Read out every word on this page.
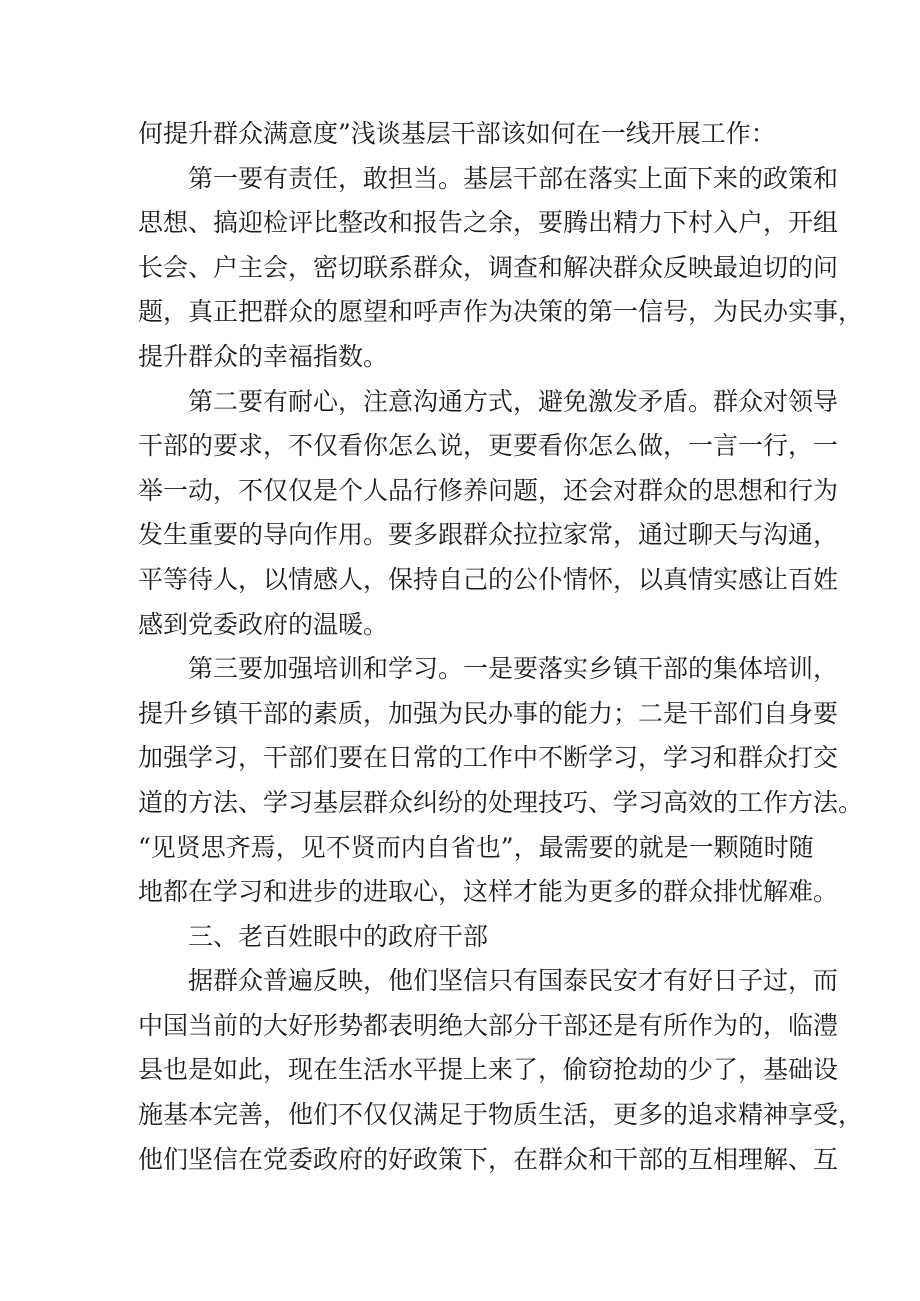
何提升群众满意度”浅谈基层干部该如何在一线开展工作：
第一要有责任，敢担当。基层干部在落实上面下来的政策和
思想、搞迎检评比整改和报告之余，要腾出精力下村入户，开组
长会、户主会，密切联系群众，调查和解决群众反映最迫切的问
题，真正把群众的愿望和呼声作为决策的第一信号，为民办实事，
提升群众的幸福指数。
第二要有耐心，注意沟通方式，避免激发矛盾。群众对领导
干部的要求，不仅看你怎么说，更要看你怎么做，一言一行，一
举一动，不仅仅是个人品行修养问题，还会对群众的思想和行为
发生重要的导向作用。要多跟群众拉拉家常，通过聊天与沟通，
平等待人，以情感人，保持自己的公仆情怀，以真情实感让百姓
感到党委政府的温暖。
第三要加强培训和学习。一是要落实乡镇干部的集体培训，
提升乡镇干部的素质，加强为民办事的能力；二是干部们自身要
加强学习，干部们要在日常的工作中不断学习，学习和群众打交
道的方法、学习基层群众纠纷的处理技巧、学习高效的工作方法。
“见贤思齐焉，见不贤而内自省也”，最需要的就是一颗随时随
地都在学习和进步的进取心，这样才能为更多的群众排忧解难。
三、老百姓眼中的政府干部
据群众普遍反映，他们坚信只有国泰民安才有好日子过，而
中国当前的大好形势都表明绝大部分干部还是有所作为的，临澧
县也是如此，现在生活水平提上来了，偷窃抢劫的少了，基础设
施基本完善，他们不仅仅满足于物质生活，更多的追求精神享受，
他们坚信在党委政府的好政策下，在群众和干部的互相理解、互
